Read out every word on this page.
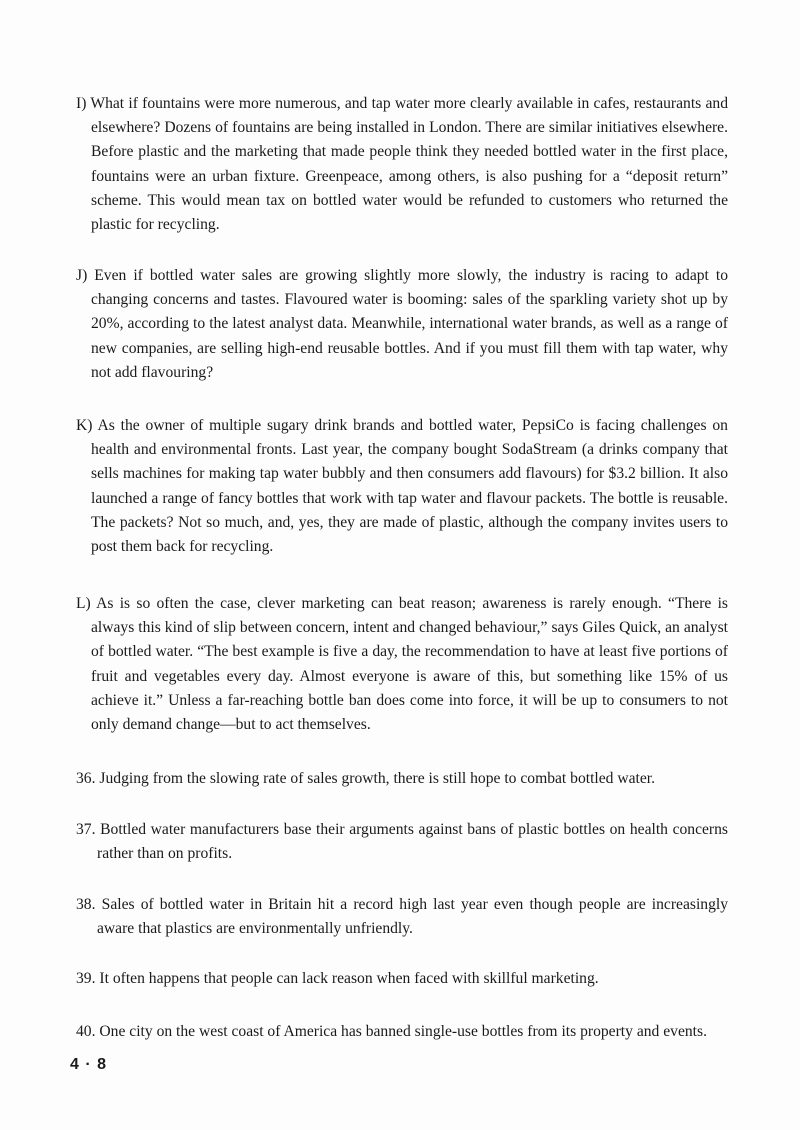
I) What if fountains were more numerous, and tap water more clearly available in cafes, restaurants and elsewhere? Dozens of fountains are being installed in London. There are similar initiatives elsewhere. Before plastic and the marketing that made people think they needed bottled water in the first place, fountains were an urban fixture. Greenpeace, among others, is also pushing for a “deposit return” scheme. This would mean tax on bottled water would be refunded to customers who returned the plastic for recycling.

J) Even if bottled water sales are growing slightly more slowly, the industry is racing to adapt to changing concerns and tastes. Flavoured water is booming: sales of the sparkling variety shot up by 20%, according to the latest analyst data. Meanwhile, international water brands, as well as a range of new companies, are selling high-end reusable bottles. And if you must fill them with tap water, why not add flavouring?

K) As the owner of multiple sugary drink brands and bottled water, PepsiCo is facing challenges on health and environmental fronts. Last year, the company bought SodaStream (a drinks company that sells machines for making tap water bubbly and then consumers add flavours) for $3.2 billion. It also launched a range of fancy bottles that work with tap water and flavour packets. The bottle is reusable. The packets? Not so much, and, yes, they are made of plastic, although the company invites users to post them back for recycling.

L) As is so often the case, clever marketing can beat reason; awareness is rarely enough. “There is always this kind of slip between concern, intent and changed behaviour,” says Giles Quick, an analyst of bottled water. “The best example is five a day, the recommendation to have at least five portions of fruit and vegetables every day. Almost everyone is aware of this, but something like 15% of us achieve it.” Unless a far-reaching bottle ban does come into force, it will be up to consumers to not only demand change—but to act themselves.

36. Judging from the slowing rate of sales growth, there is still hope to combat bottled water.

37. Bottled water manufacturers base their arguments against bans of plastic bottles on health concerns rather than on profits.

38. Sales of bottled water in Britain hit a record high last year even though people are increasingly aware that plastics are environmentally unfriendly.

39. It often happens that people can lack reason when faced with skillful marketing.

40. One city on the west coast of America has banned single-use bottles from its property and events.

4 · 8
